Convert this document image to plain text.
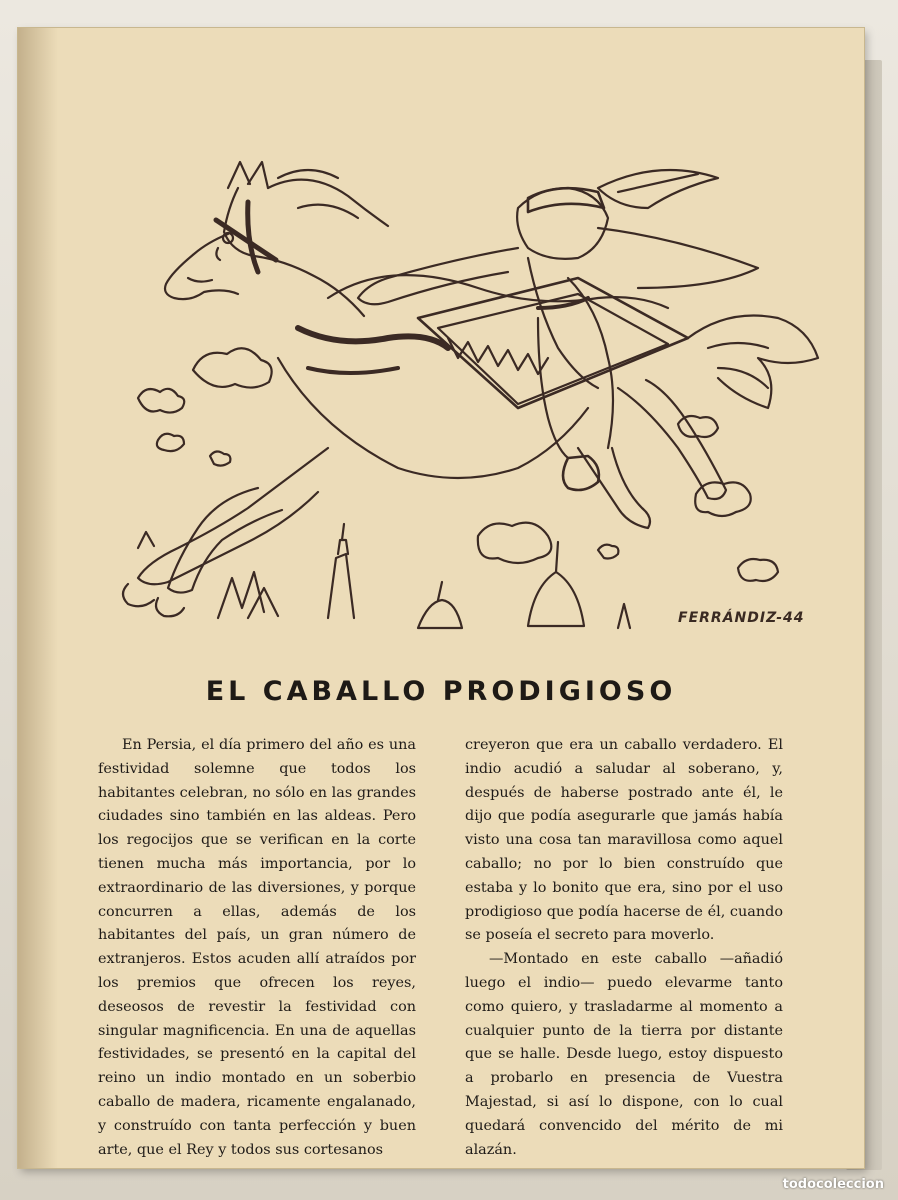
FERRÁNDIZ-44
EL CABALLO PRODIGIOSO

En Persia, el día primero del año es una festividad solemne que todos los habitantes celebran, no sólo en las grandes ciudades sino también en las aldeas. Pero los regocijos que se verifican en la corte tienen mucha más importancia, por lo extraordinario de las diversiones, y porque concurren a ellas, además de los habitantes del país, un gran número de extranjeros. Estos acuden allí atraídos por los premios que ofrecen los reyes, deseosos de revestir la festividad con singular magnificencia. En una de aquellas festividades, se presentó en la capital del reino un indio montado en un soberbio caballo de madera, ricamente engalanado, y construído con tanta perfección y buen arte, que el Rey y todos sus cortesanos

creyeron que era un caballo verdadero. El indio acudió a saludar al soberano, y, después de haberse postrado ante él, le dijo que podía asegurarle que jamás había visto una cosa tan maravillosa como aquel caballo; no por lo bien construído que estaba y lo bonito que era, sino por el uso prodigioso que podía hacerse de él, cuando se poseía el secreto para moverlo.

—Montado en este caballo —añadió luego el indio— puedo elevarme tanto como quiero, y trasladarme al momento a cualquier punto de la tierra por distante que se halle. Desde luego, estoy dispuesto a probarlo en presencia de Vuestra Majestad, si así lo dispone, con lo cual quedará convencido del mérito de mi alazán.

todocoleccion
